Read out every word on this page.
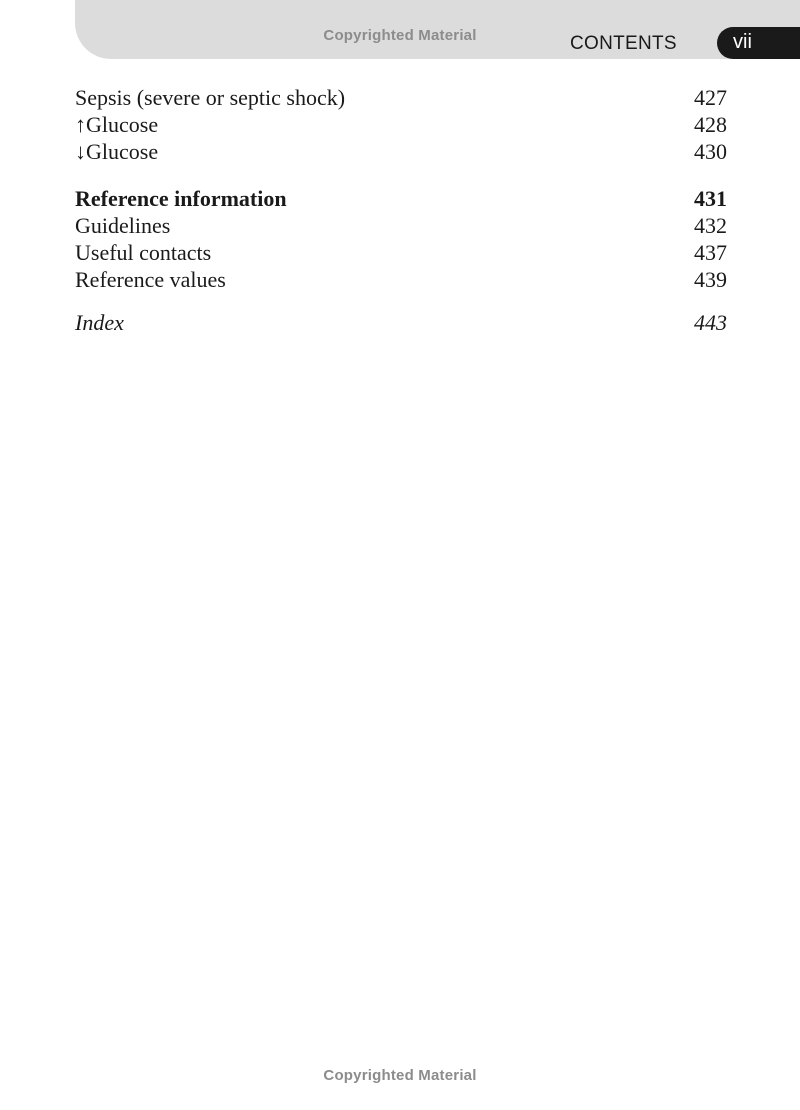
Copyrighted Material	CONTENTS	vii
Sepsis (severe or septic shock)	427
↑Glucose	428
↓Glucose	430
Reference information	431
Guidelines	432
Useful contacts	437
Reference values	439
Index	443
Copyrighted Material
